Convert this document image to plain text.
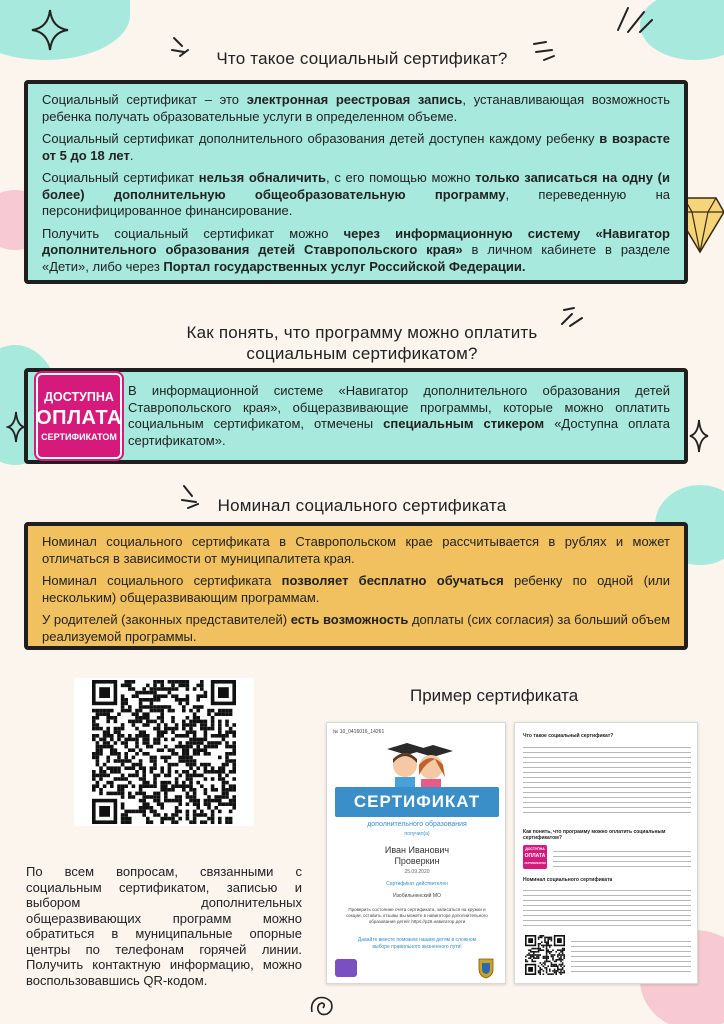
Что такое социальный сертификат?

Социальный сертификат – это электронная реестровая запись, устанавливающая возможность ребенка получать образовательные услуги в определенном объеме.

Социальный сертификат дополнительного образования детей доступен каждому ребенку в возрасте от 5 до 18 лет.

Социальный сертификат нельзя обналичить, с его помощью можно только записаться на одну (и более) дополнительную общеобразовательную программу, переведенную на персонифицированное финансирование.

Получить социальный сертификат можно через информационную систему «Навигатор дополнительного образования детей Ставропольского края» в личном кабинете в разделе «Дети», либо через Портал государственных услуг Российской Федерации.

Как понять, что программу можно оплатить
социальным сертификатом?

В информационной системе «Навигатор дополнительного образования детей Ставропольского края», общеразвивающие программы, которые можно оплатить социальным сертификатом, отмечены специальным стикером «Доступна оплата сертификатом».

ДОСТУПНА
ОПЛАТА
СЕРТИФИКАТОМ
Номинал социального сертификата

Номинал социального сертификата в Ставропольском крае рассчитывается в рублях и может отличаться в зависимости от муниципалитета края.

Номинал социального сертификата позволяет бесплатно обучаться ребенку по одной (или нескольким) общеразвивающим программам.

У родителей (законных представителей) есть возможность доплаты (сих согласия) за больший объем реализуемой программы.

По всем вопросам, связанными с социальным сертификатом, записью и выбором дополнительных общеразвивающих программ можно обратиться в муниципальные опорные центры по телефонам горячей линии. Получить контактную информацию, можно воспользовавшись QR-кодом.
Пример сертификата
№ 10_0416016_14261
СЕРТИФИКАТ
дополнительного образования
получил(а)
Иван Иванович
Проверкин
25.09.2020
Сертификат действителен
Изобильненский МО
Проверить состояние счета сертификата, записаться на кружки и секции, оставить отзывы Вы можете в навигаторе дополнительного образования детей: https://p26.навигатор.дети
Давайте вместе поможем нашим детям в сложном выборе правильного жизненного пути!
Что такое социальный сертификат?
Как понять, что программу можно оплатить социальным сертификатом?
ДОСТУПНА
ОПЛАТА
СЕРТИФИКАТОМ
Номинал социального сертификата
